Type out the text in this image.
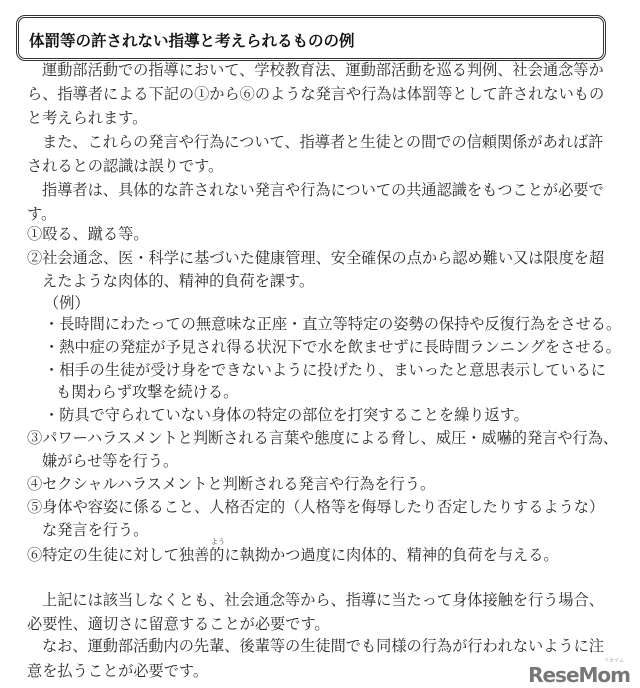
体罰等の許されない指導と考えられるものの例
運動部活動での指導において、学校教育法、運動部活動を巡る判例、社会通念等か
ら、指導者による下記の①から⑥のような発言や行為は体罰等として許されないもの
と考えられます。
また、これらの発言や行為について、指導者と生徒との間での信頼関係があれば許
されるとの認識は誤りです。
指導者は、具体的な許されない発言や行為についての共通認識をもつことが必要で
す。
①殴る、蹴る等。
②社会通念、医・科学に基づいた健康管理、安全確保の点から認め難い又は限度を超
えたような肉体的、精神的負荷を課す。
（例）
・長時間にわたっての無意味な正座・直立等特定の姿勢の保持や反復行為をさせる。
・熱中症の発症が予見され得る状況下で水を飲ませずに長時間ランニングをさせる。
・相手の生徒が受け身をできないように投げたり、まいったと意思表示しているに
も関わらず攻撃を続ける。
・防具で守られていない身体の特定の部位を打突することを繰り返す。
③パワーハラスメントと判断される言葉や態度による脅し、威圧・威嚇的発言や行為、
嫌がらせ等を行う。
④セクシャルハラスメントと判断される発言や行為を行う。
⑤身体や容姿に係ること、人格否定的（人格等を侮辱したり否定したりするような）
な発言を行う。
⑥特定の生徒に対して独善的に執拗かつ過度に肉体的、精神的負荷を与える。
上記には該当しなくとも、社会通念等から、指導に当たって身体接触を行う場合、
必要性、適切さに留意することが必要です。
なお、運動部活動内の先輩、後輩等の生徒間でも同様の行為が行われないように注
意を払うことが必要です。
よう
リセマム
ReseMom
